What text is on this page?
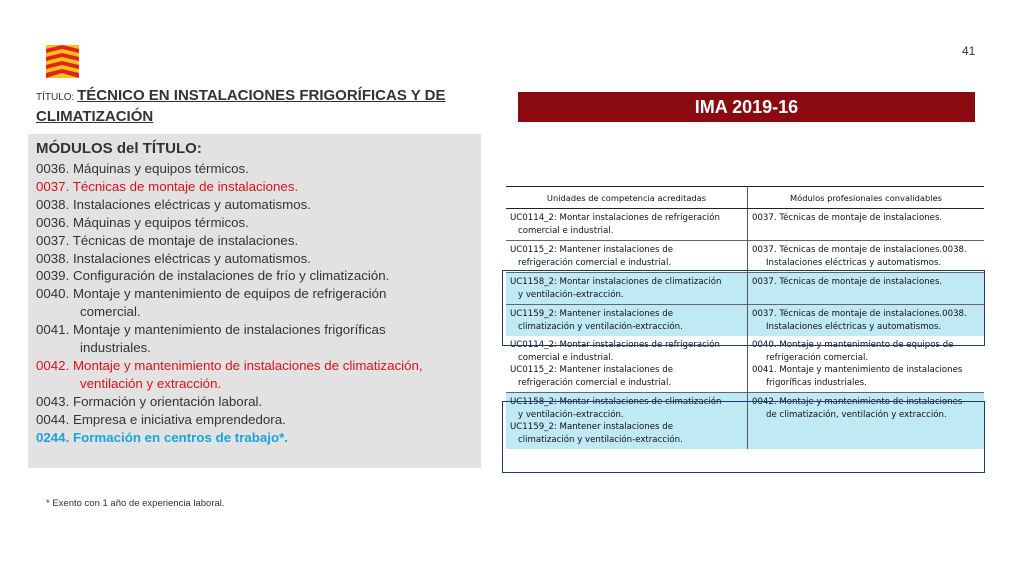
41
TÍTULO: TÉCNICO EN INSTALACIONES FRIGORÍFICAS Y DE CLIMATIZACIÓN	IMA 2019-16
MÓDULOS del TÍTULO:
0036. Máquinas y equipos térmicos.
0037. Técnicas de montaje de instalaciones.
0038. Instalaciones eléctricas y automatismos.
0036. Máquinas y equipos térmicos.
0037. Técnicas de montaje de instalaciones.
0038. Instalaciones eléctricas y automatismos.
0039. Configuración de instalaciones de frío y climatización.
0040. Montaje y mantenimiento de equipos de refrigeración
comercial.
0041. Montaje y mantenimiento de instalaciones frigoríficas
industriales.
0042. Montaje y mantenimiento de instalaciones de climatización,
ventilación y extracción.
0043. Formación y orientación laboral.
0044. Empresa e iniciativa emprendedora.
0244. Formación en centros de trabajo*.
* Exento con 1 año de experiencia laboral.
Unidades de competencia acreditadas	Módulos profesionales convalidables

UC0114_2: Montar instalaciones de refrigeración
comercial e industrial.	0037. Técnicas de montaje de instalaciones.

UC0115_2: Mantener instalaciones de
refrigeración comercial e industrial.	0037. Técnicas de montaje de instalaciones.0038.
Instalaciones eléctricas y automatismos.

UC1158_2: Montar instalaciones de climatización
y ventilación-extracción.	0037. Técnicas de montaje de instalaciones.

UC1159_2: Mantener instalaciones de
climatización y ventilación-extracción.	0037. Técnicas de montaje de instalaciones.0038.
Instalaciones eléctricas y automatismos.

UC0114_2: Montar instalaciones de refrigeración
comercial e industrial.
UC0115_2: Mantener instalaciones de
refrigeración comercial e industrial.	0040. Montaje y mantenimiento de equipos de
refrigeración comercial.
0041. Montaje y mantenimiento de instalaciones
frigoríficas industriales.

UC1158_2: Montar instalaciones de climatización
y ventilación-extracción.
UC1159_2: Mantener instalaciones de
climatización y ventilación-extracción.	0042. Montaje y mantenimiento de instalaciones
de climatización, ventilación y extracción.
